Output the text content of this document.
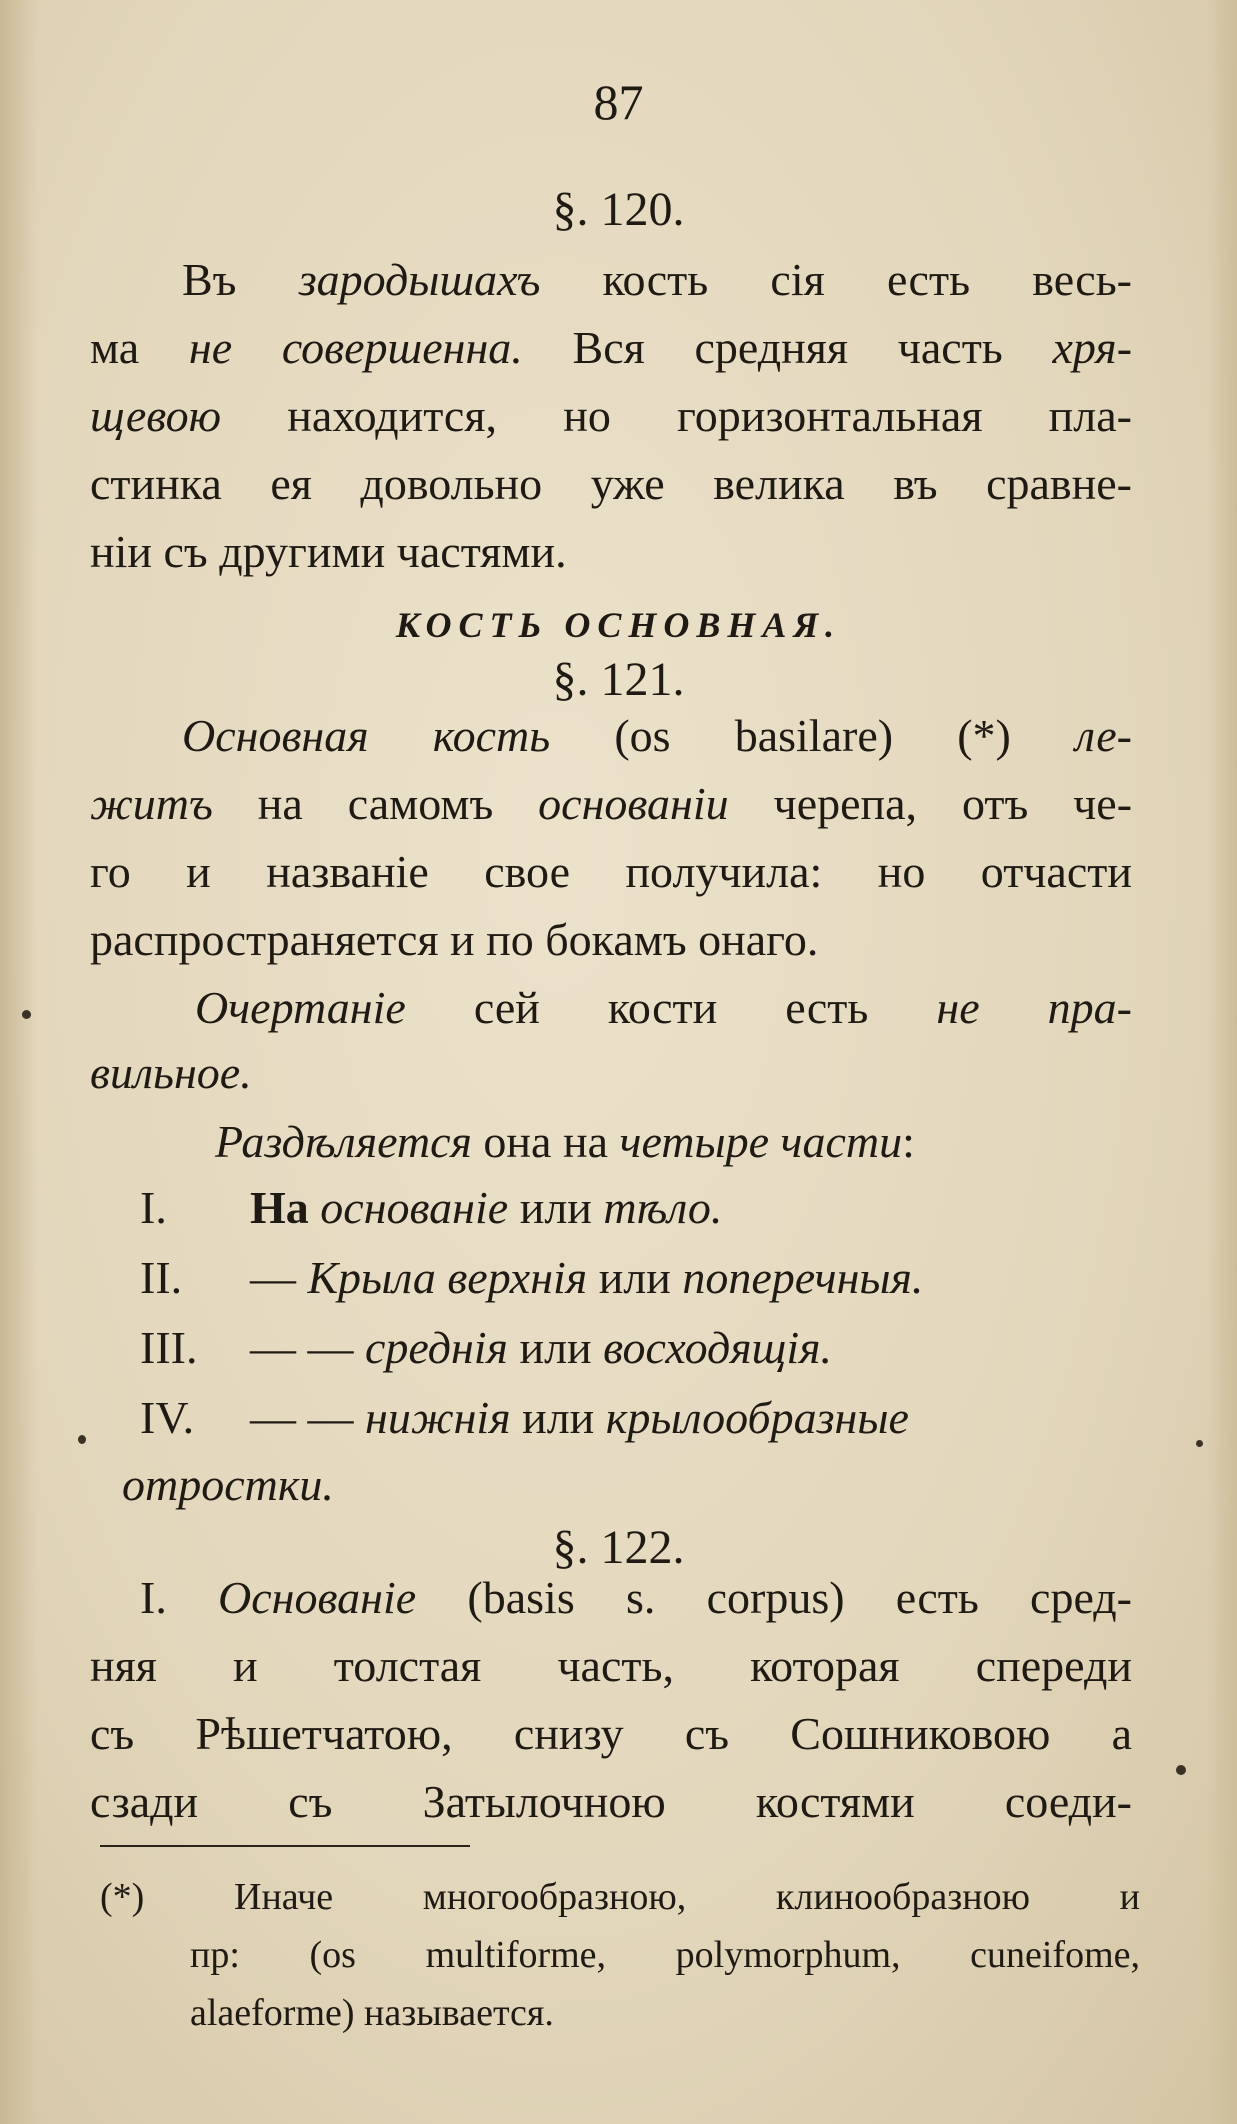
87
§. 120.
Въ зародышахъ кость сія есть весь-
ма не совершенна. Вся средняя часть хря-
щевою находится, но горизонтальная пла-
стинка ея довольно уже велика въ сравне-
ніи съ другими частями.
КОСТЬ ОСНОВНАЯ.
§. 121.
Основная кость (os basilare) (*) ле-
житъ на самомъ основаніи черепа, отъ че-
го и названіе свое получила: но отчасти
распространяется и по бокамъ онаго.
Очертаніе сей кости есть не пра-
вильное.
Раздѣляется она на четыре части:
I. На основаніе или тѣло.
II. — Крыла верхнія или поперечныя.
III. — — среднія или восходящія.
IV. — — нижнія или крылообразные
отростки.
§. 122.
I. Основаніе (basis s. corpus) есть сред-
няя и толстая часть, которая спереди
съ Рѣшетчатою, снизу съ Сошниковою а
сзади съ Затылочною костями соеди-
(*) Иначе многообразною, клинообразною и
пр: (os multiforme, polymorphum, cuneifome,
alaeforme) называется.
